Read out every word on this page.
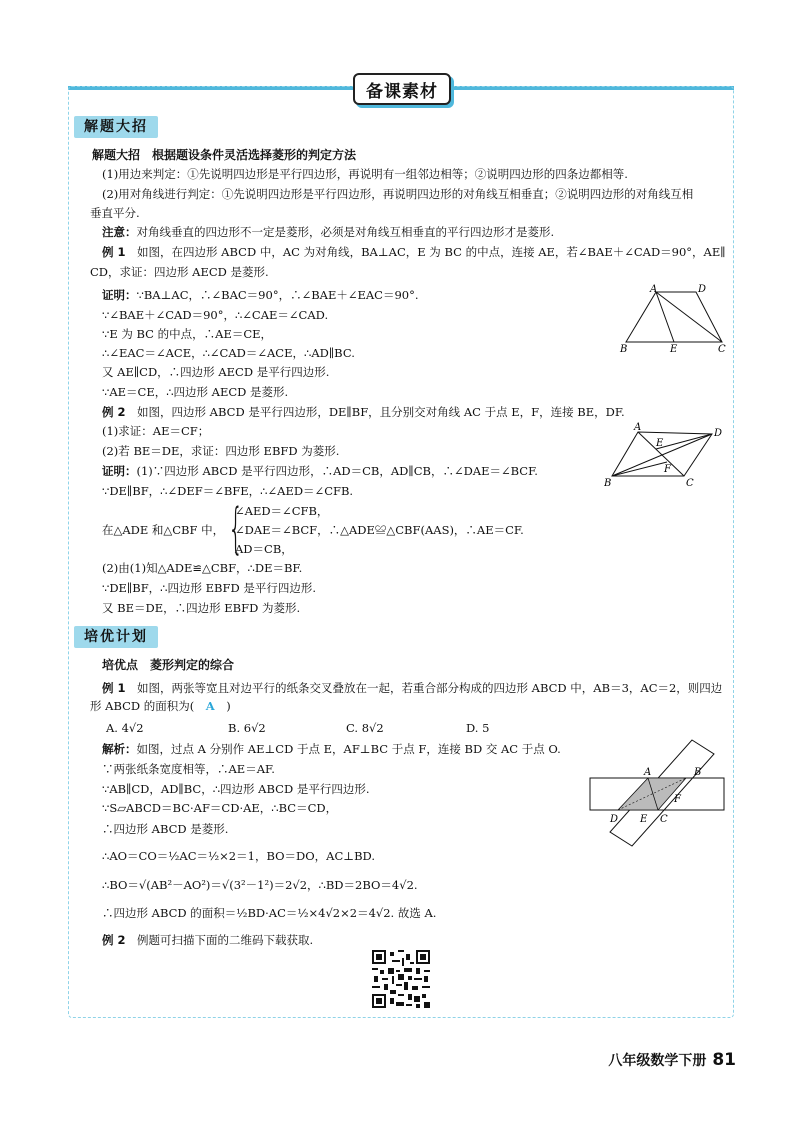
备课素材
解题大招
解题大招　根据题设条件灵活选择菱形的判定方法
(1)用边来判定：①先说明四边形是平行四边形，再说明有一组邻边相等；②说明四边形的四条边都相等.
(2)用对角线进行判定：①先说明四边形是平行四边形，再说明四边形的对角线互相垂直；②说明四边形的对角线互相
垂直平分.
注意：对角线垂直的四边形不一定是菱形，必须是对角线互相垂直的平行四边形才是菱形.
例 1　 如图，在四边形 ABCD 中，AC 为对角线，BA⊥AC，E 为 BC 的中点，连接 AE，若∠BAE＋∠CAD＝90°，AE∥
CD，求证：四边形 AECD 是菱形.
证明：∵BA⊥AC，∴∠BAC＝90°，∴∠BAE＋∠EAC＝90°.
∵∠BAE＋∠CAD＝90°，∴∠CAE＝∠CAD.
∵E 为 BC 的中点，∴AE＝CE，
∴∠EAC＝∠ACE，∴∠CAD＝∠ACE，∴AD∥BC.
又 AE∥CD，∴四边形 AECD 是平行四边形.
∵AE＝CE，∴四边形 AECD 是菱形.
例 2　 如图，四边形 ABCD 是平行四边形，DE∥BF，且分别交对角线 AC 于点 E，F，连接 BE，DF.
(1)求证：AE＝CF；
(2)若 BE＝DE，求证：四边形 EBFD 为菱形.
证明：(1)∵四边形 ABCD 是平行四边形，∴AD＝CB，AD∥CB，∴∠DAE＝∠BCF.
∵DE∥BF，∴∠DEF＝∠BFE，∴∠AED＝∠CFB.
在△ADE 和△CBF 中， {
∠AED＝∠CFB，
∠DAE＝∠BCF，∴△ADE≌△CBF(AAS)，∴AE＝CF.
AD＝CB，
(2)由(1)知△ADE≌△CBF，∴DE＝BF.
∵DE∥BF，∴四边形 EBFD 是平行四边形.
又 BE＝DE，∴四边形 EBFD 为菱形.
培优计划
培优点　菱形判定的综合
例 1　 如图，两张等宽且对边平行的纸条交叉叠放在一起，若重合部分构成的四边形 ABCD 中，AB＝3，AC＝2，则四边
形 ABCD 的面积为(　 A　 )
A. 4√2	B. 6√2	C. 8√2	D. 5
解析：如图，过点 A 分别作 AE⊥CD 于点 E，AF⊥BC 于点 F，连接 BD 交 AC 于点 O.
∵两张纸条宽度相等，∴AE＝AF.
∵AB∥CD，AD∥BC，∴四边形 ABCD 是平行四边形.
∵S▱ABCD＝BC·AF＝CD·AE，∴BC＝CD，
∴四边形 ABCD 是菱形.
∴AO＝CO＝½AC＝½×2＝1，BO＝DO，AC⊥BD.
∴BO＝√(AB²－AO²)＝√(3²－1²)＝2√2，∴BD＝2BO＝4√2.
∴四边形 ABCD 的面积＝½BD·AC＝½×4√2×2＝4√2. 故选 A.
例 2　 例题可扫描下面的二维码下载获取.
A	D
B	E	C
A
D
E
F
B	C
A	B
D E C
F
八年级数学下册 81
